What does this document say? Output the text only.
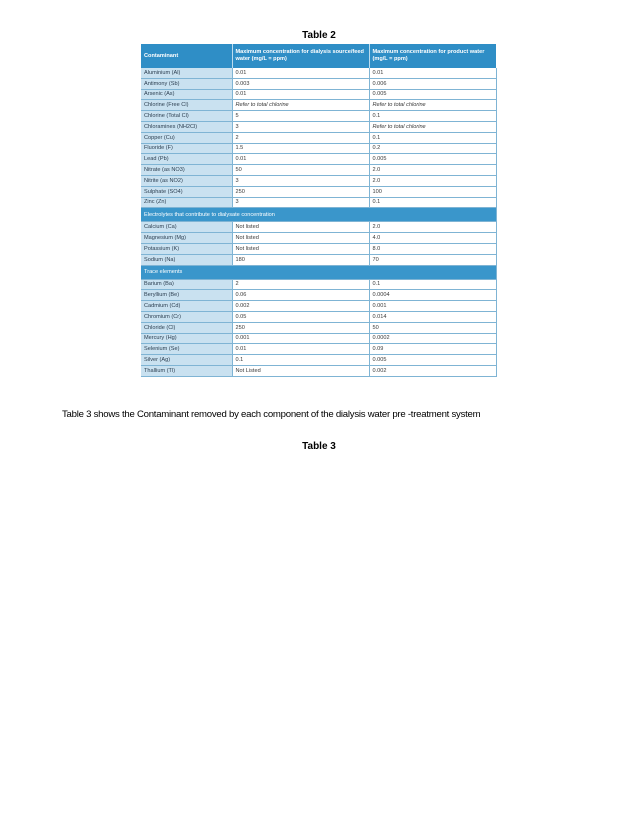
Table 2
Contaminant	Maximum concentration for dialysis source/feed water (mg/L = ppm)	Maximum concentration for product water (mg/L = ppm)
Aluminium (Al)	0.01	0.01
Antimony (Sb)	0.003	0.006
Arsenic (As)	0.01	0.005
Chlorine (Free Cl)	Refer to total chlorine	Refer to total chlorine
Chlorine (Total Cl)	5	0.1
Chloramines (NH2Cl)	3	Refer to total chlorine
Copper (Cu)	2	0.1
Fluoride (F)	1.5	0.2
Lead (Pb)	0.01	0.005
Nitrate (as NO3)	50	2.0
Nitrite (as NO2)	3	2.0
Sulphate (SO4)	250	100
Zinc (Zn)	3	0.1
Electrolytes that contribute to dialysate concentration		
Calcium (Ca)	Not listed	2.0
Magnesium (Mg)	Not listed	4.0
Potassium (K)	Not listed	8.0
Sodium (Na)	180	70
Trace elements		
Barium (Ba)	2	0.1
Beryllium (Be)	0.06	0.0004
Cadmium (Cd)	0.002	0.001
Chromium (Cr)	0.05	0.014
Chloride (Cl)	250	50
Mercury (Hg)	0.001	0.0002
Selenium (Se)	0.01	0.09
Silver (Ag)	0.1	0.005
Thallium (Tl)	Not Listed	0.002
Table 3 shows the Contaminant removed by each component of the dialysis water pre -treatment system
Table 3
